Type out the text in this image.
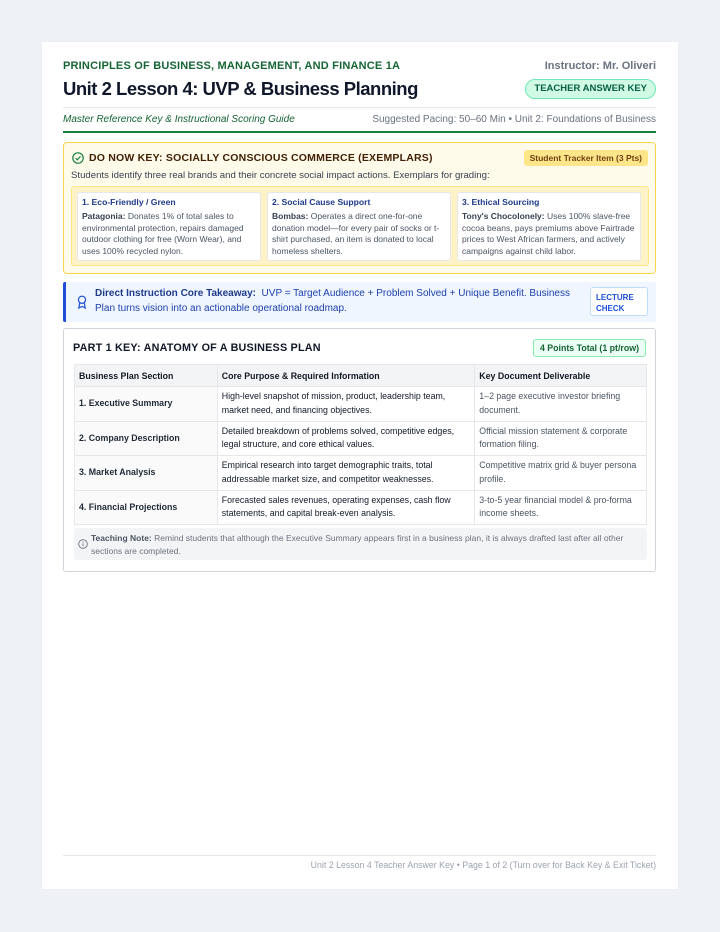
PRINCIPLES OF BUSINESS, MANAGEMENT, AND FINANCE 1A	Instructor: Mr. Oliveri
Unit 2 Lesson 4: UVP & Business Planning	TEACHER ANSWER KEY
Master Reference Key & Instructional Scoring Guide	Suggested Pacing: 50–60 Min • Unit 2: Foundations of Business
DO NOW KEY: SOCIALLY CONSCIOUS COMMERCE (EXEMPLARS)	Student Tracker Item (3 Pts)
Students identify three real brands and their concrete social impact actions. Exemplars for grading:
1. Eco-Friendly / Green

Patagonia: Donates 1% of total sales to environmental protection, repairs damaged outdoor clothing for free (Worn Wear), and uses 100% recycled nylon.

2. Social Cause Support

Bombas: Operates a direct one-for-one donation model—for every pair of socks or t-shirt purchased, an item is donated to local homeless shelters.

3. Ethical Sourcing

Tony's Chocolonely: Uses 100% slave-free cocoa beans, pays premiums above Fairtrade prices to West African farmers, and actively campaigns against child labor.

Direct Instruction Core Takeaway: UVP = Target Audience + Problem Solved + Unique Benefit. Business Plan turns vision into an actionable operational roadmap.
LECTURE CHECK
PART 1 KEY: ANATOMY OF A BUSINESS PLAN	4 Points Total (1 pt/row)
Business Plan Section	Core Purpose & Required Information	Key Document Deliverable
1. Executive Summary	High-level snapshot of mission, product, leadership team, market need, and financing objectives.	1–2 page executive investor briefing document.
2. Company Description	Detailed breakdown of problems solved, competitive edges, legal structure, and core ethical values.	Official mission statement & corporate formation filing.
3. Market Analysis	Empirical research into target demographic traits, total addressable market size, and competitor weaknesses.	Competitive matrix grid & buyer persona profile.
4. Financial Projections	Forecasted sales revenues, operating expenses, cash flow statements, and capital break-even analysis.	3-to-5 year financial model & pro-forma income sheets.
Teaching Note: Remind students that although the Executive Summary appears first in a business plan, it is always drafted last after all other sections are completed.
Unit 2 Lesson 4 Teacher Answer Key • Page 1 of 2 (Turn over for Back Key & Exit Ticket)
